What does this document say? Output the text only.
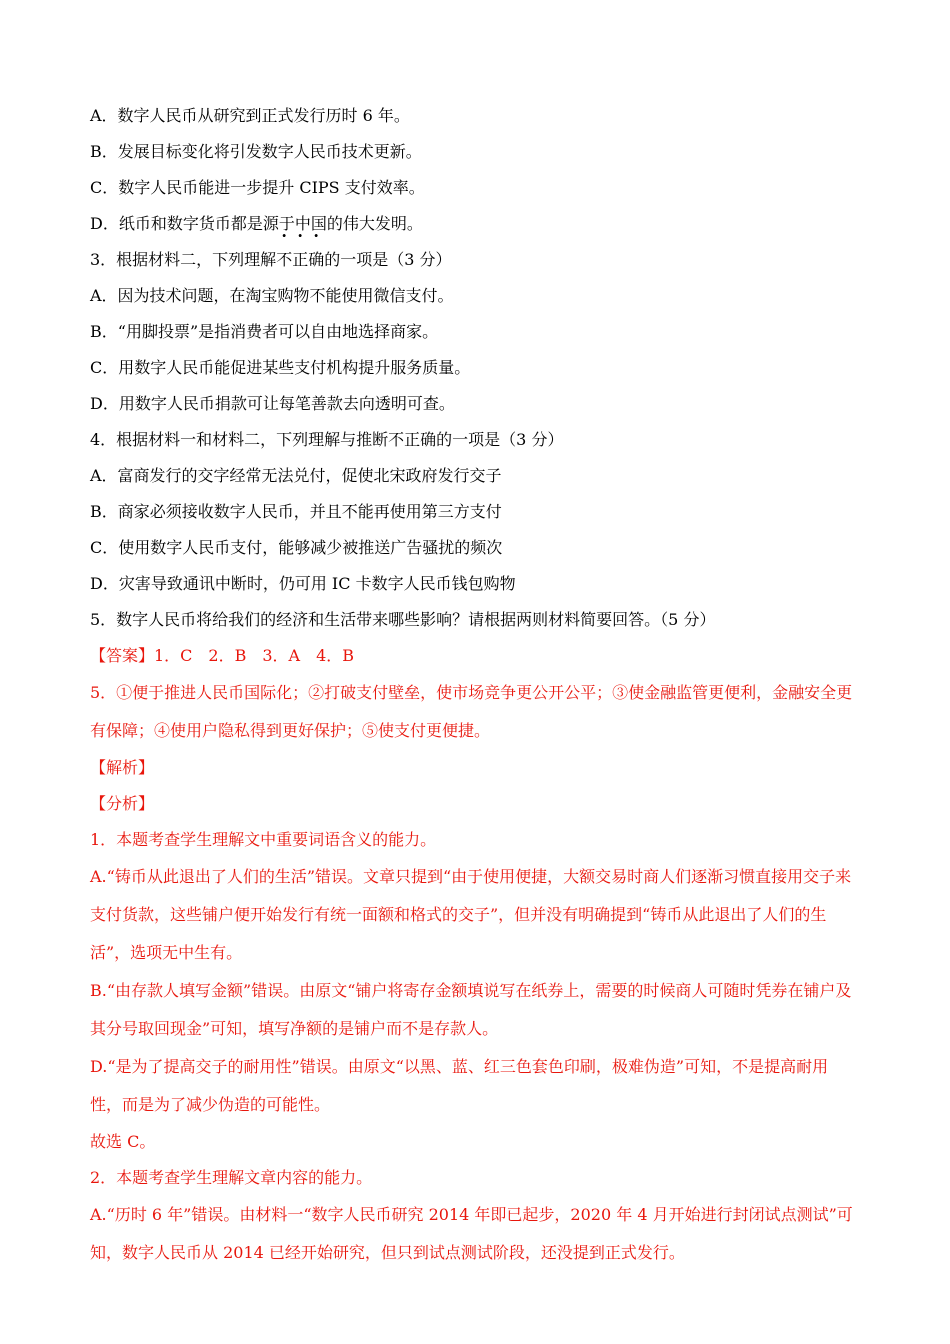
A．数字人民币从研究到正式发行历时 6 年。
B．发展目标变化将引发数字人民币技术更新。
C．数字人民币能进一步提升 CIPS 支付效率。
D．纸币和数字货币都是源于中国的伟大发明。
3．根据材料二，下列理解不正确的一项是（3 分）
A．因为技术问题，在淘宝购物不能使用微信支付。
B．“用脚投票”是指消费者可以自由地选择商家。
C．用数字人民币能促进某些支付机构提升服务质量。
D．用数字人民币捐款可让每笔善款去向透明可查。
4．根据材料一和材料二，下列理解与推断不正确的一项是（3 分）
A．富商发行的交字经常无法兑付，促使北宋政府发行交子
B．商家必须接收数字人民币，并且不能再使用第三方支付
C．使用数字人民币支付，能够减少被推送广告骚扰的频次
D．灾害导致通讯中断时，仍可用 IC 卡数字人民币钱包购物
5．数字人民币将给我们的经济和生活带来哪些影响？请根据两则材料简要回答。（5 分）
【答案】1．C　2．B　3．A　4．B
5．①便于推进人民币国际化；②打破支付壁垒，使市场竞争更公开公平；③使金融监管更便利，金融安全更有保障；④使用户隐私得到更好保护；⑤使支付更便捷。
【解析】
【分析】
1．本题考查学生理解文中重要词语含义的能力。
A.“铸币从此退出了人们的生活”错误。文章只提到“由于使用便捷，大额交易时商人们逐渐习惯直接用交子来支付货款，这些铺户便开始发行有统一面额和格式的交子”，但并没有明确提到“铸币从此退出了人们的生活”，选项无中生有。
B.“由存款人填写金额”错误。由原文“铺户将寄存金额填说写在纸券上，需要的时候商人可随时凭券在铺户及其分号取回现金”可知，填写净额的是铺户而不是存款人。
D.“是为了提高交子的耐用性”错误。由原文“以黑、蓝、红三色套色印刷，极难伪造”可知，不是提高耐用性，而是为了减少伪造的可能性。
故选 C。
2．本题考查学生理解文章内容的能力。
A.“历时 6 年”错误。由材料一“数字人民币研究 2014 年即已起步，2020 年 4 月开始进行封闭试点测试”可知，数字人民币从 2014 已经开始研究，但只到试点测试阶段，还没提到正式发行。
